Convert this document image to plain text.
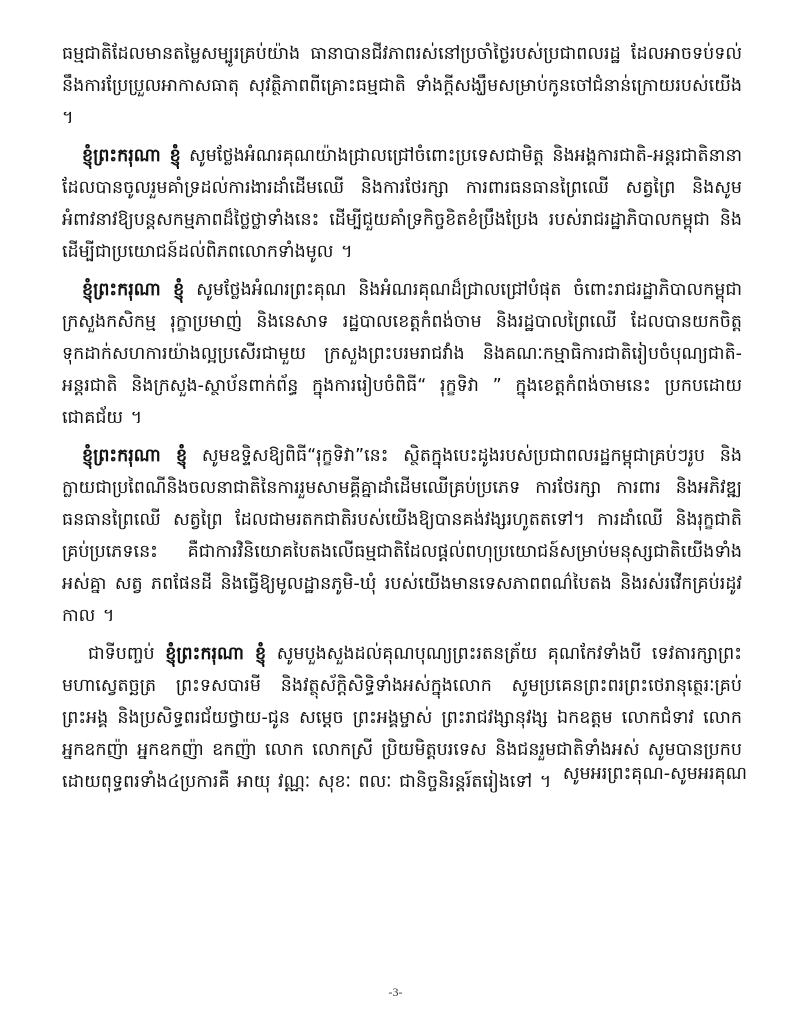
ធម្មជាតិដែលមានតម្លៃសម្បូរគ្រប់យ៉ាង ធានាបានជីវភាពរស់នៅប្រចាំថ្ងៃរបស់ប្រជាពលរដ្ឋ ដែលអាចទប់ទល់នឹងការប្រែប្រួលអាកាសធាតុ សុវត្ថិភាពពីគ្រោះធម្មជាតិ ទាំងក្តីសង្ឃឹមសម្រាប់កូនចៅជំនាន់ក្រោយរបស់យើង ។

ខ្ញុំព្រះករុណា ខ្ញុំ សូមថ្លែងអំណរគុណយ៉ាងជ្រាលជ្រៅចំពោះប្រទេសជាមិត្ត និងអង្គការជាតិ-អន្តរជាតិនានា ដែលបានចូលរួមគាំទ្រដល់ការងារដាំដើមឈើ និងការថែរក្សា ការពារធនធានព្រៃឈើ សត្វព្រៃ និងសូមអំពាវនាវឱ្យបន្តសកម្មភាពដ៏ថ្លៃថ្លាទាំងនេះ ដើម្បីជួយគាំទ្រកិច្ចខិតខំប្រឹងប្រែង របស់រាជរដ្ឋាភិបាលកម្ពុជា និងដើម្បីជាប្រយោជន៍ដល់ពិភពលោកទាំងមូល ។

ខ្ញុំព្រះករុណា ខ្ញុំ សូមថ្លែងអំណរព្រះគុណ និងអំណរគុណដ៏ជ្រាលជ្រៅបំផុត ចំពោះរាជរដ្ឋាភិបាលកម្ពុជា ក្រសួងកសិកម្ម រុក្ខាប្រមាញ់ និងនេសាទ រដ្ឋបាលខេត្តកំពង់ចាម និងរដ្ឋបាលព្រៃឈើ ដែលបានយកចិត្តទុកដាក់សហការយ៉ាងល្អប្រសើរជាមួយ ក្រសួងព្រះបរមរាជវាំង និងគណៈកម្មាធិការជាតិរៀបចំបុណ្យជាតិ-អន្តរជាតិ និងក្រសួង-ស្ថាប័នពាក់ព័ន្ធ ក្នុងការរៀបចំពិធី“ រុក្ខទិវា ” ក្នុងខេត្តកំពង់ចាមនេះ ប្រកបដោយជោគជ័យ ។

ខ្ញុំព្រះករុណា ខ្ញុំ សូមឧទ្ទិសឱ្យពិធី“រុក្ខទិវា”នេះ ស្ថិតក្នុងបេះដូងរបស់ប្រជាពលរដ្ឋកម្ពុជាគ្រប់ៗរូប និងក្លាយជាប្រពៃណីនិងចលនាជាតិនៃការរួមសាមគ្គីគ្នាដាំដើមឈើគ្រប់ប្រភេទ ការថែរក្សា ការពារ និងអភិវឌ្ឍធនធានព្រៃឈើ សត្វព្រៃ ដែលជាមរតកជាតិរបស់យើងឱ្យបានគង់វង្សរហូតតទៅ។ ការដាំឈើ និងរុក្ខជាតិគ្រប់ប្រភេទនេះ គឺជាការវិនិយោគបៃតងលើធម្មជាតិដែលផ្តល់ពហុប្រយោជន៍សម្រាប់មនុស្សជាតិយើងទាំងអស់គ្នា សត្វ ភពផែនដី និងធ្វើឱ្យមូលដ្ឋានភូមិ-ឃុំ របស់យើងមានទេសភាពពណ៌បៃតង និងរស់រវើកគ្រប់រដូវកាល ។

ជាទីបញ្ចប់ ខ្ញុំព្រះករុណា ខ្ញុំ សូមបួងសួងដល់គុណបុណ្យព្រះរតនត្រ័យ គុណកែវទាំងបី ទេវតារក្សាព្រះមហាស្វេតច្ឆត្រ ព្រះទសបារមី និងវត្ថុស័ក្តិសិទ្ធិទាំងអស់ក្នុងលោក សូមប្រគេនព្រះពរព្រះថេរានុត្ថេរៈគ្រប់ព្រះអង្គ និងប្រសិទ្ធពរជ័យថ្វាយ-ជូន សម្តេច ព្រះអង្គម្ចាស់ ព្រះរាជវង្សានុវង្ស ឯកឧត្តម លោកជំទាវ លោកអ្នកឧកញ៉ា អ្នកឧកញ៉ា ឧកញ៉ា លោក លោកស្រី ប្រិយមិត្តបរទេស និងជនរួមជាតិទាំងអស់ សូមបានប្រកបដោយពុទ្ធពរទាំង៤ប្រការគឺ អាយុ វណ្ណៈ សុខៈ ពលៈ ជានិច្ចនិរន្តរ៍តរៀងទៅ ។ សូមអរព្រះគុណ-សូមអរគុណ
-3-
